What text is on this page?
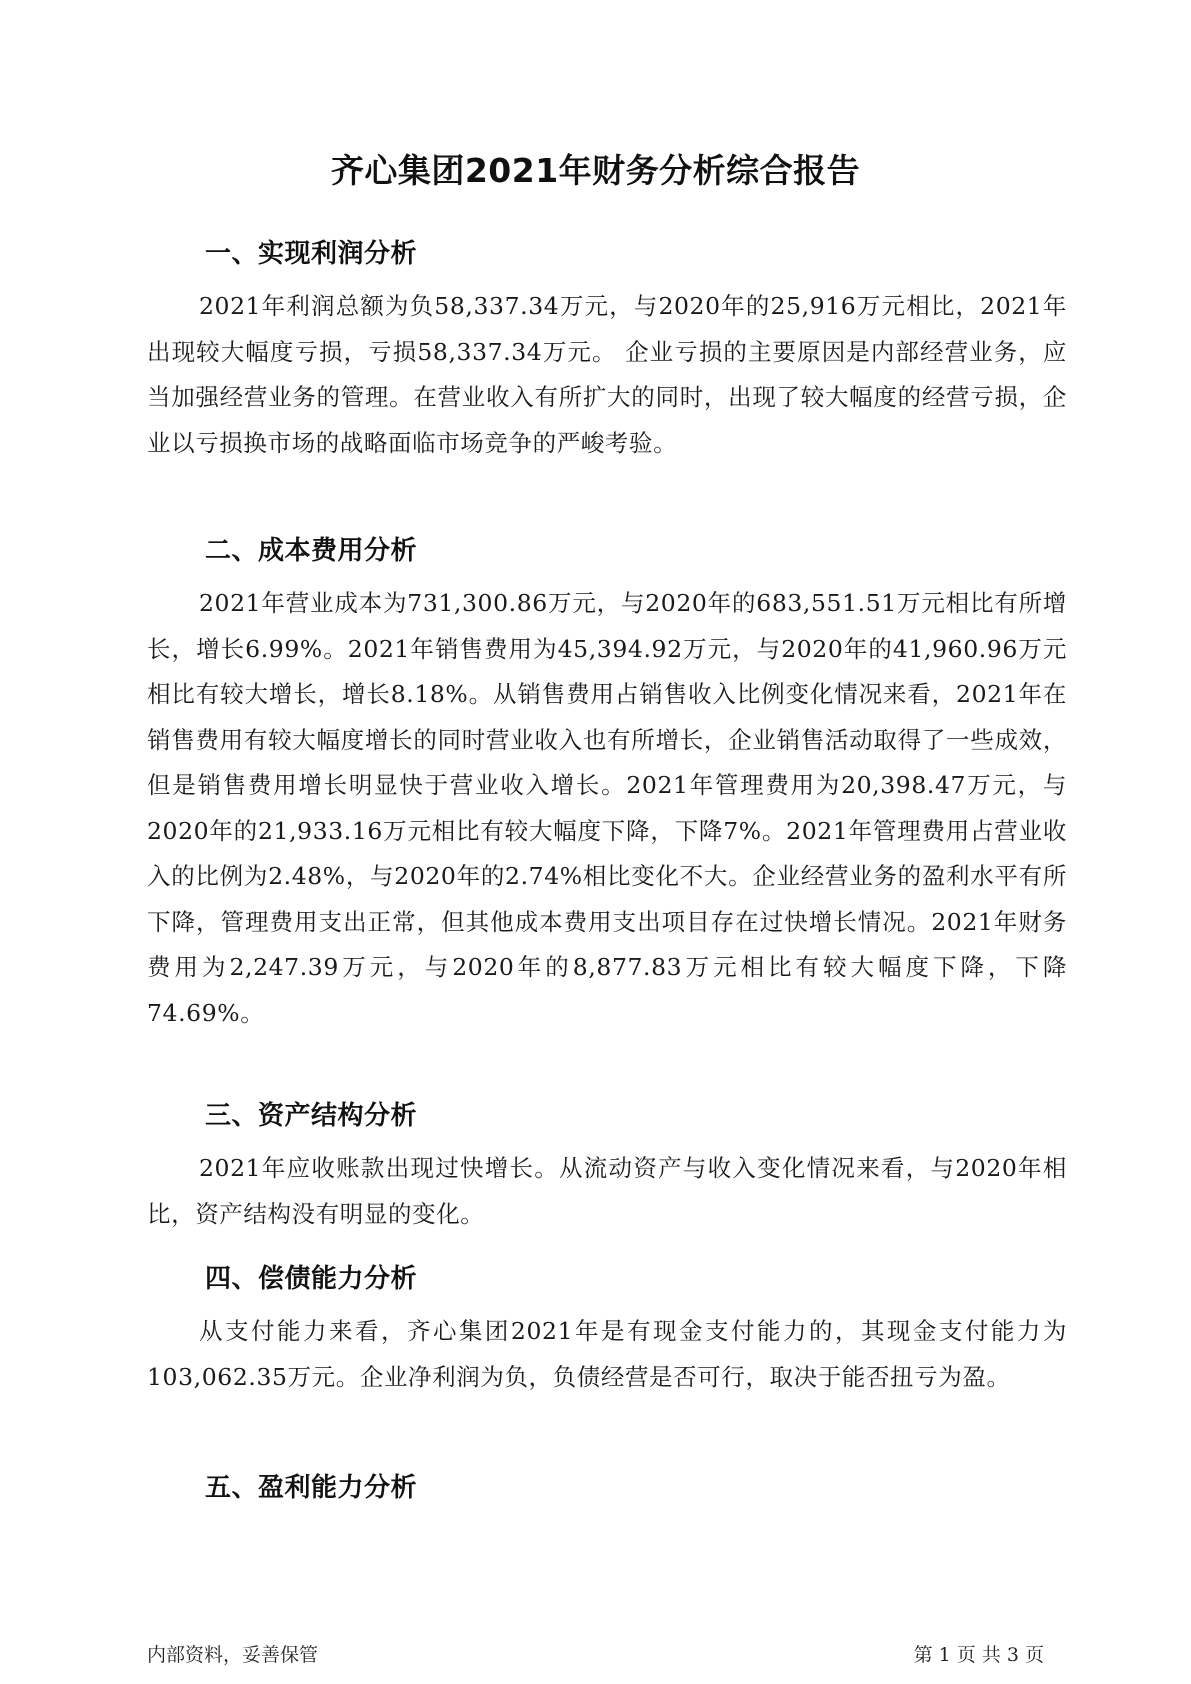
齐心集团2021年财务分析综合报告
一、实现利润分析
2021年利润总额为负58,337.34万元，与2020年的25,916万元相比，2021年出现较大幅度亏损，亏损58,337.34万元。 企业亏损的主要原因是内部经营业务，应当加强经营业务的管理。在营业收入有所扩大的同时，出现了较大幅度的经营亏损，企业以亏损换市场的战略面临市场竞争的严峻考验。
二、成本费用分析
2021年营业成本为731,300.86万元，与2020年的683,551.51万元相比有所增长，增长6.99%。2021年销售费用为45,394.92万元，与2020年的41,960.96万元相比有较大增长，增长8.18%。从销售费用占销售收入比例变化情况来看，2021年在销售费用有较大幅度增长的同时营业收入也有所增长，企业销售活动取得了一些成效，但是销售费用增长明显快于营业收入增长。2021年管理费用为20,398.47万元，与2020年的21,933.16万元相比有较大幅度下降，下降7%。2021年管理费用占营业收入的比例为2.48%，与2020年的2.74%相比变化不大。企业经营业务的盈利水平有所下降，管理费用支出正常，但其他成本费用支出项目存在过快增长情况。2021年财务费用为2,247.39万元，与2020年的8,877.83万元相比有较大幅度下降，下降74.69%。
三、资产结构分析
2021年应收账款出现过快增长。从流动资产与收入变化情况来看，与2020年相比，资产结构没有明显的变化。
四、偿债能力分析
从支付能力来看，齐心集团2021年是有现金支付能力的，其现金支付能力为103,062.35万元。企业净利润为负，负债经营是否可行，取决于能否扭亏为盈。
五、盈利能力分析
内部资料，妥善保管	第 1 页 共 3 页
